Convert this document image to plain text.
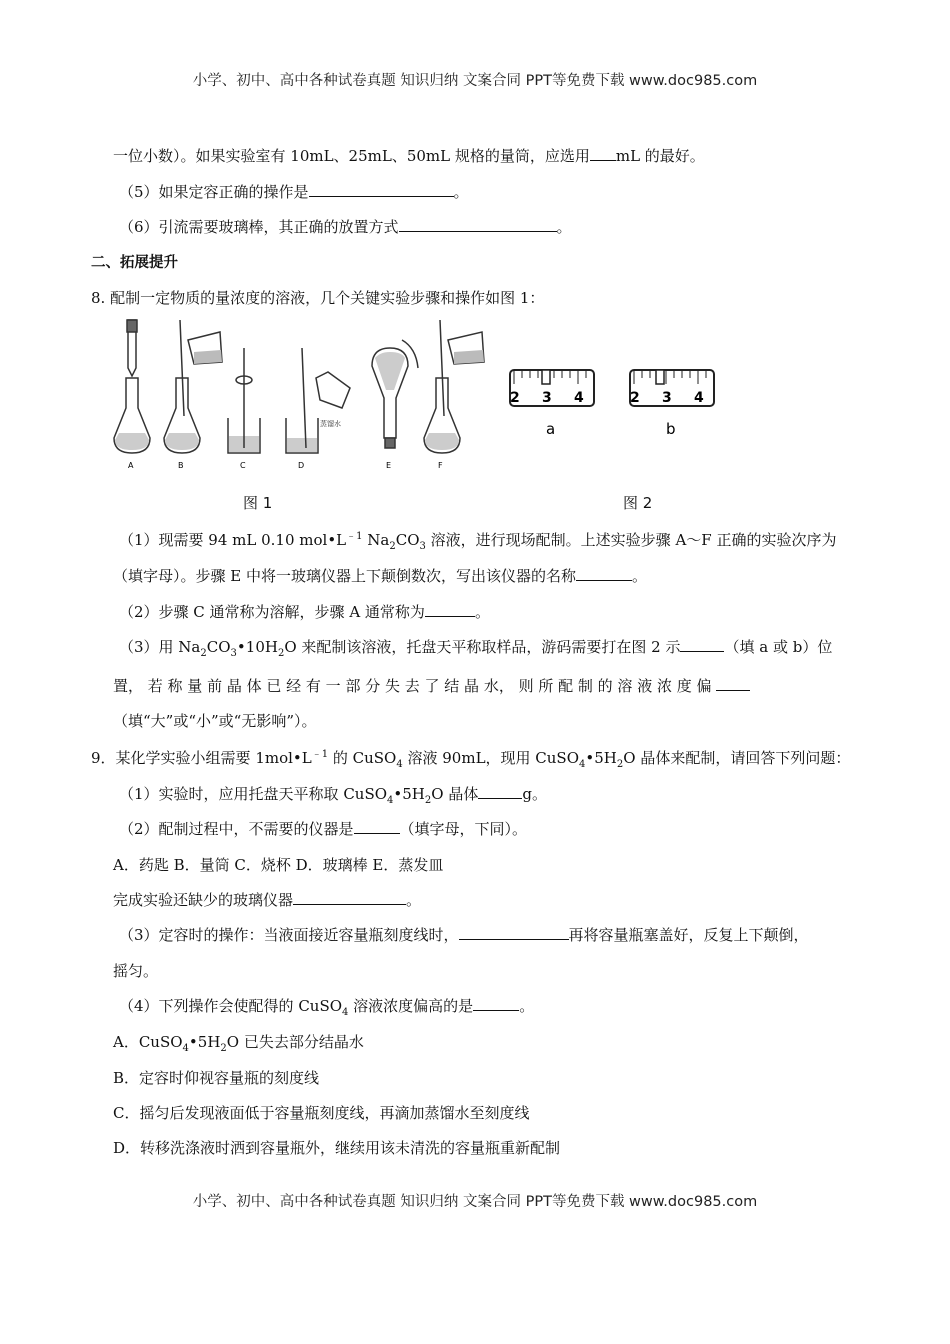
小学、初中、高中各种试卷真题 知识归纳 文案合同 PPT等免费下载 www.doc985.com
一位小数）。如果实验室有 10mL、25mL、50mL 规格的量筒，应选用 mL 的最好。
（5）如果定容正确的操作是	。
（6）引流需要玻璃棒，其正确的放置方式	。
二、拓展提升
8. 配制一定物质的量浓度的溶液，几个关键实验步骤和操作如图 1：
蒸馏水
A	B	C	D	E	F
2 3 4
a
2 3 4
b
图 1	图 2
（1）现需要 94 mL 0.10 $mol•L^{﹣1}$ $Na_2CO_3$ 溶液，进行现场配制。上述实验步骤 A～F 正确的实验次序为
（填字母）。步骤 E 中将一玻璃仪器上下颠倒数次，写出该仪器的名称	。
（2）步骤 C 通常称为溶解，步骤 A 通常称为	。
（3）用 $Na_2CO_3•10H_2O$ 来配制该溶液，托盘天平称取样品，游码需要打在图 2 示	（填 a 或 b）位
置， 若 称 量 前 晶 体 已 经 有 一 部 分 失 去 了 结 晶 水， 则 所 配 制 的 溶 液 浓 度 偏
（填“大”或“小”或“无影响”）。
9．某化学实验小组需要 $1mol•L^{﹣1}$ 的 CuSO$_4$ 溶液 90mL，现用 $CuSO_4•5H_2O$ 晶体来配制，请回答下列问题：
（1）实验时，应用托盘天平称取 $CuSO_4•5H_2O$ 晶体	g。
（2）配制过程中，不需要的仪器是	（填字母，下同）。
A．药匙 B．量筒 C．烧杯 D．玻璃棒 E．蒸发皿
完成实验还缺少的玻璃仪器	。
（3）定容时的操作：当液面接近容量瓶刻度线时，	再将容量瓶塞盖好，反复上下颠倒，
摇匀。
（4）下列操作会使配得的 CuSO$_4$ 溶液浓度偏高的是	。
A．$CuSO_4•5H_2O$ 已失去部分结晶水
B．定容时仰视容量瓶的刻度线
C．摇匀后发现液面低于容量瓶刻度线，再滴加蒸馏水至刻度线
D．转移洗涤液时洒到容量瓶外，继续用该未清洗的容量瓶重新配制
小学、初中、高中各种试卷真题 知识归纳 文案合同 PPT等免费下载 www.doc985.com
